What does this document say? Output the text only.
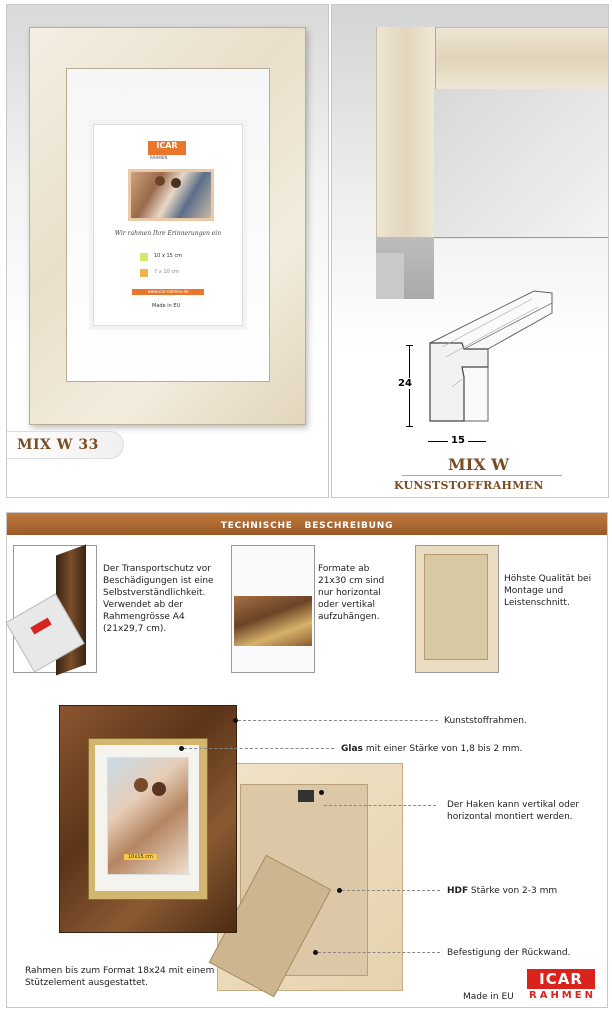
ICAR
RAHMEN
Wir rahmen Ihre Erinnerungen ein
10 x 15 cm
7 x 10 cm
www.icar-rahmen.de
Made in EU
MIX W 33
24
15
MIX W
KUNSTSTOFFRAHMEN
TECHNISCHE   BESCHREIBUNG
Der Transportschutz vor Beschädigungen ist eine Selbstverständlichkeit. Verwendet ab der Rahmengrösse A4 (21x29,7 cm).
Formate ab 21x30 cm sind nur horizontal oder vertikal aufzuhängen.
Höhste Qualität bei Montage und Leistenschnitt.
10x15 cm
Kunststoffrahmen.
Glas mit einer Stärke von 1,8 bis 2 mm.
Der Haken kann vertikal oder horizontal montiert werden.
HDF Stärke von 2-3 mm
Befestigung der Rückwand.
Rahmen bis zum Format 18x24 mit einem Stützelement ausgestattet.
Made in EU
ICAR
RAHMEN
